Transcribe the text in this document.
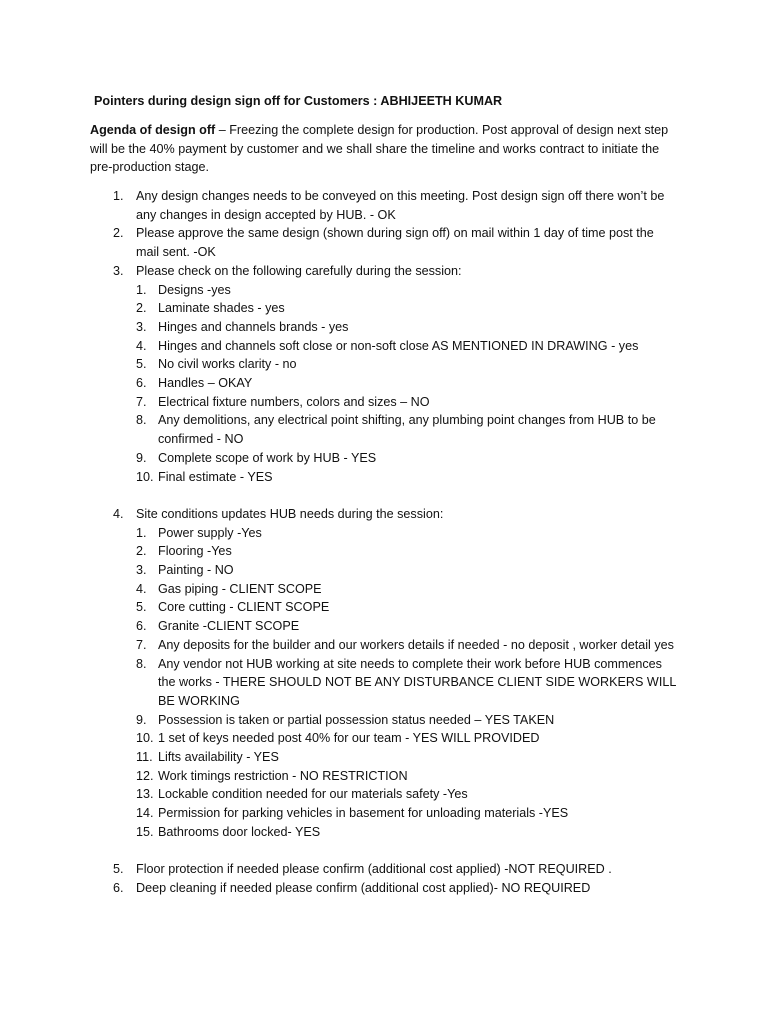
Pointers during design sign off for Customers : ABHIJEETH KUMAR
Agenda of design off – Freezing the complete design for production. Post approval of design next step will be the 40% payment by customer and we shall share the timeline and works contract to initiate the pre-production stage.
1. Any design changes needs to be conveyed on this meeting. Post design sign off there won’t be any changes in design accepted by HUB. - OK
2. Please approve the same design (shown during sign off) on mail within 1 day of time post the mail sent. -OK
3. Please check on the following carefully during the session:
1. Designs -yes
2. Laminate shades - yes
3. Hinges and channels brands - yes
4. Hinges and channels soft close or non-soft close AS MENTIONED IN DRAWING - yes
5. No civil works clarity - no
6. Handles – OKAY
7. Electrical fixture numbers, colors and sizes – NO
8. Any demolitions, any electrical point shifting, any plumbing point changes from HUB to be confirmed - NO
9. Complete scope of work by HUB - YES
10. Final estimate - YES
4. Site conditions updates HUB needs during the session:
1. Power supply -Yes
2. Flooring -Yes
3. Painting - NO
4. Gas piping - CLIENT SCOPE
5. Core cutting - CLIENT SCOPE
6. Granite -CLIENT SCOPE
7. Any deposits for the builder and our workers details if needed - no deposit , worker detail yes
8. Any vendor not HUB working at site needs to complete their work before HUB commences the works - THERE SHOULD NOT BE ANY DISTURBANCE CLIENT SIDE WORKERS WILL BE WORKING
9. Possession is taken or partial possession status needed – YES TAKEN
10. 1 set of keys needed post 40% for our team - YES WILL PROVIDED
11. Lifts availability - YES
12. Work timings restriction - NO RESTRICTION
13. Lockable condition needed for our materials safety -Yes
14. Permission for parking vehicles in basement for unloading materials -YES
15. Bathrooms door locked- YES
5. Floor protection if needed please confirm (additional cost applied) -NOT REQUIRED .
6. Deep cleaning if needed please confirm (additional cost applied)- NO REQUIRED
